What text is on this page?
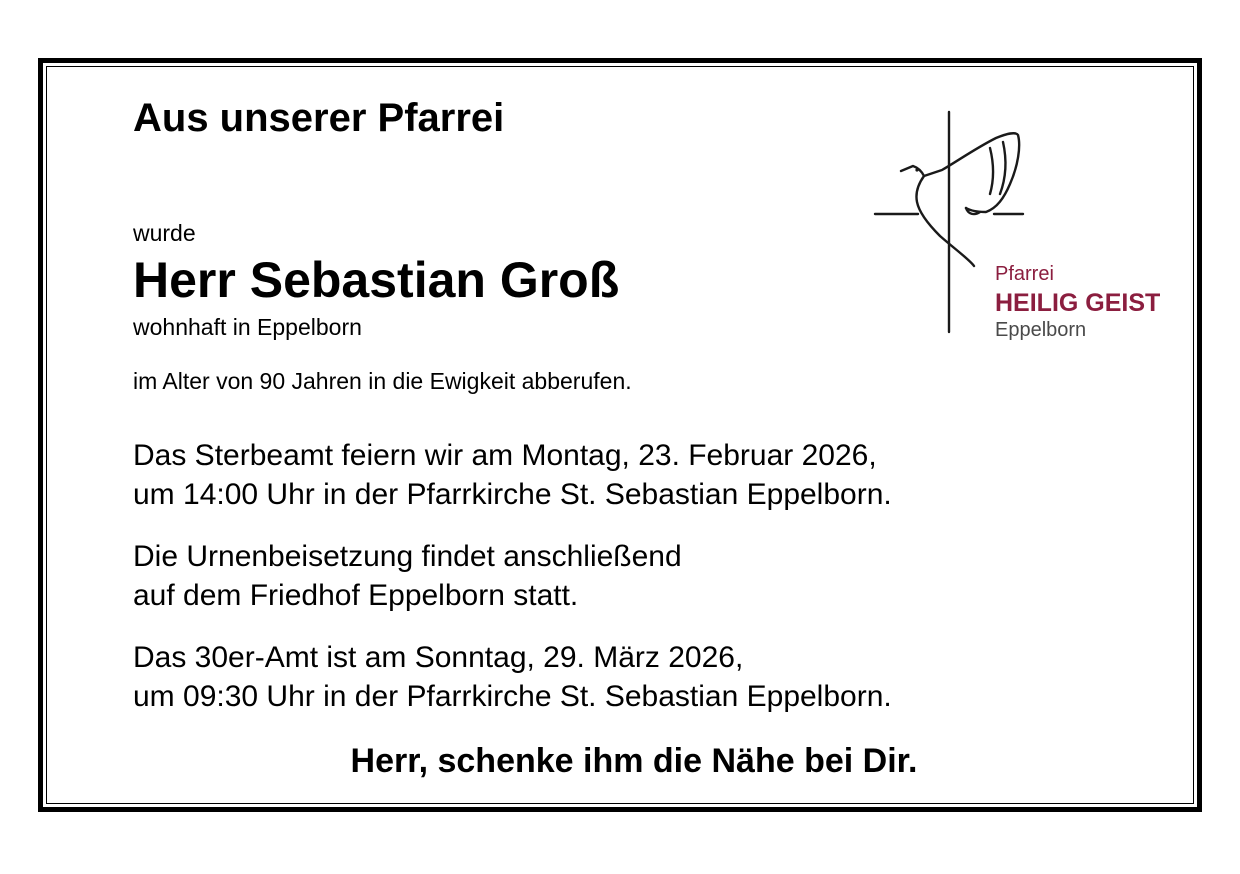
Aus unserer Pfarrei

wurde

Herr Sebastian Groß

wohnhaft in Eppelborn

im Alter von 90 Jahren in die Ewigkeit abberufen.

Das Sterbeamt feiern wir am Montag, 23. Februar 2026,

um 14:00 Uhr in der Pfarrkirche St. Sebastian Eppelborn.

Die Urnenbeisetzung findet anschließend

auf dem Friedhof Eppelborn statt.

Das 30er-Amt ist am Sonntag, 29. März 2026,

um 09:30 Uhr in der Pfarrkirche St. Sebastian Eppelborn.

Herr, schenke ihm die Nähe bei Dir.

Pfarrei

HEILIG GEIST

Eppelborn
